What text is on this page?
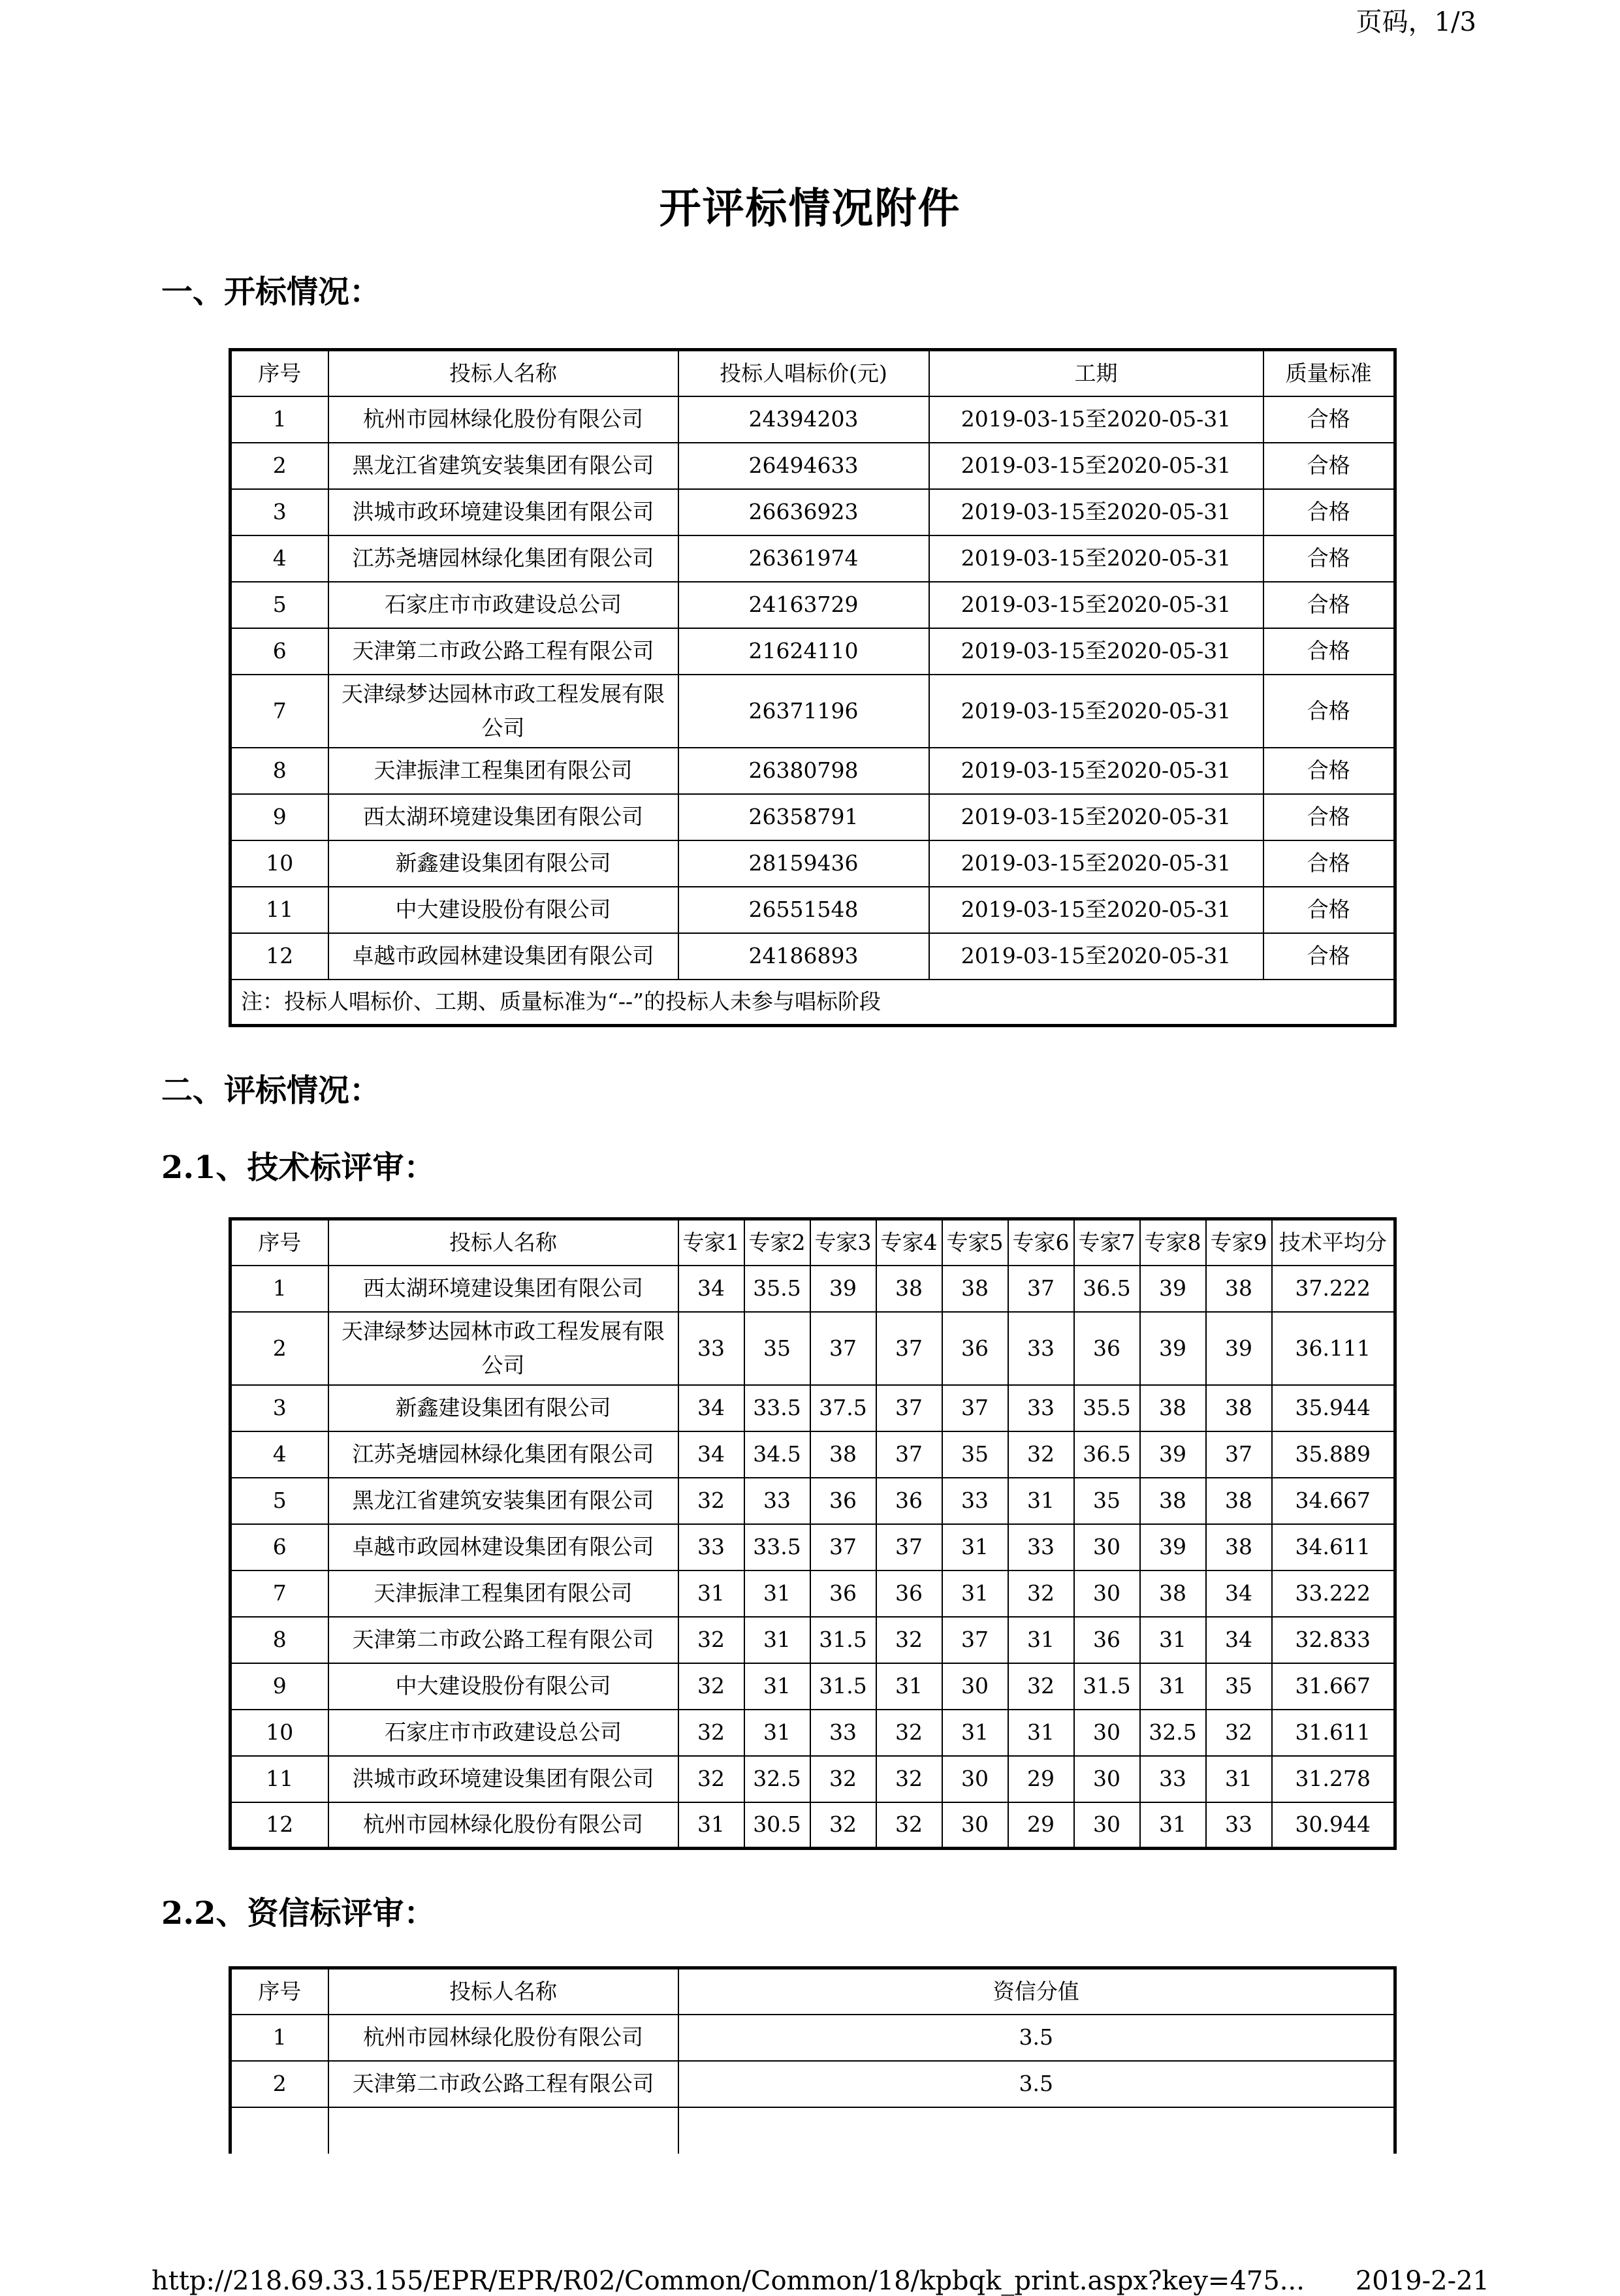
页码，1/3
开评标情况附件
一、开标情况：
序号	投标人名称	投标人唱标价(元)	工期	质量标准
1	杭州市园林绿化股份有限公司	24394203	2019-03-15至2020-05-31	合格
2	黑龙江省建筑安装集团有限公司	26494633	2019-03-15至2020-05-31	合格
3	洪城市政环境建设集团有限公司	26636923	2019-03-15至2020-05-31	合格
4	江苏尧塘园林绿化集团有限公司	26361974	2019-03-15至2020-05-31	合格
5	石家庄市市政建设总公司	24163729	2019-03-15至2020-05-31	合格
6	天津第二市政公路工程有限公司	21624110	2019-03-15至2020-05-31	合格
7	天津绿梦达园林市政工程发展有限公司	26371196	2019-03-15至2020-05-31	合格
8	天津振津工程集团有限公司	26380798	2019-03-15至2020-05-31	合格
9	西太湖环境建设集团有限公司	26358791	2019-03-15至2020-05-31	合格
10	新鑫建设集团有限公司	28159436	2019-03-15至2020-05-31	合格
11	中大建设股份有限公司	26551548	2019-03-15至2020-05-31	合格
12	卓越市政园林建设集团有限公司	24186893	2019-03-15至2020-05-31	合格
注：投标人唱标价、工期、质量标准为“--”的投标人未参与唱标阶段				
二、评标情况：
2.1、技术标评审：
序号	投标人名称	专家1	专家2	专家3	专家4	专家5	专家6	专家7	专家8	专家9	技术平均分
1	西太湖环境建设集团有限公司	34	35.5	39	38	38	37	36.5	39	38	37.222
2	天津绿梦达园林市政工程发展有限公司	33	35	37	37	36	33	36	39	39	36.111
3	新鑫建设集团有限公司	34	33.5	37.5	37	37	33	35.5	38	38	35.944
4	江苏尧塘园林绿化集团有限公司	34	34.5	38	37	35	32	36.5	39	37	35.889
5	黑龙江省建筑安装集团有限公司	32	33	36	36	33	31	35	38	38	34.667
6	卓越市政园林建设集团有限公司	33	33.5	37	37	31	33	30	39	38	34.611
7	天津振津工程集团有限公司	31	31	36	36	31	32	30	38	34	33.222
8	天津第二市政公路工程有限公司	32	31	31.5	32	37	31	36	31	34	32.833
9	中大建设股份有限公司	32	31	31.5	31	30	32	31.5	31	35	31.667
10	石家庄市市政建设总公司	32	31	33	32	31	31	30	32.5	32	31.611
11	洪城市政环境建设集团有限公司	32	32.5	32	32	30	29	30	33	31	31.278
12	杭州市园林绿化股份有限公司	31	30.5	32	32	30	29	30	31	33	30.944
2.2、资信标评审：
序号	投标人名称	资信分值
1	杭州市园林绿化股份有限公司	3.5
2	天津第二市政公路工程有限公司	3.5

http://218.69.33.155/EPR/EPR/R02/Common/Common/18/kpbqk_print.aspx?key=475... 2019-2-21
